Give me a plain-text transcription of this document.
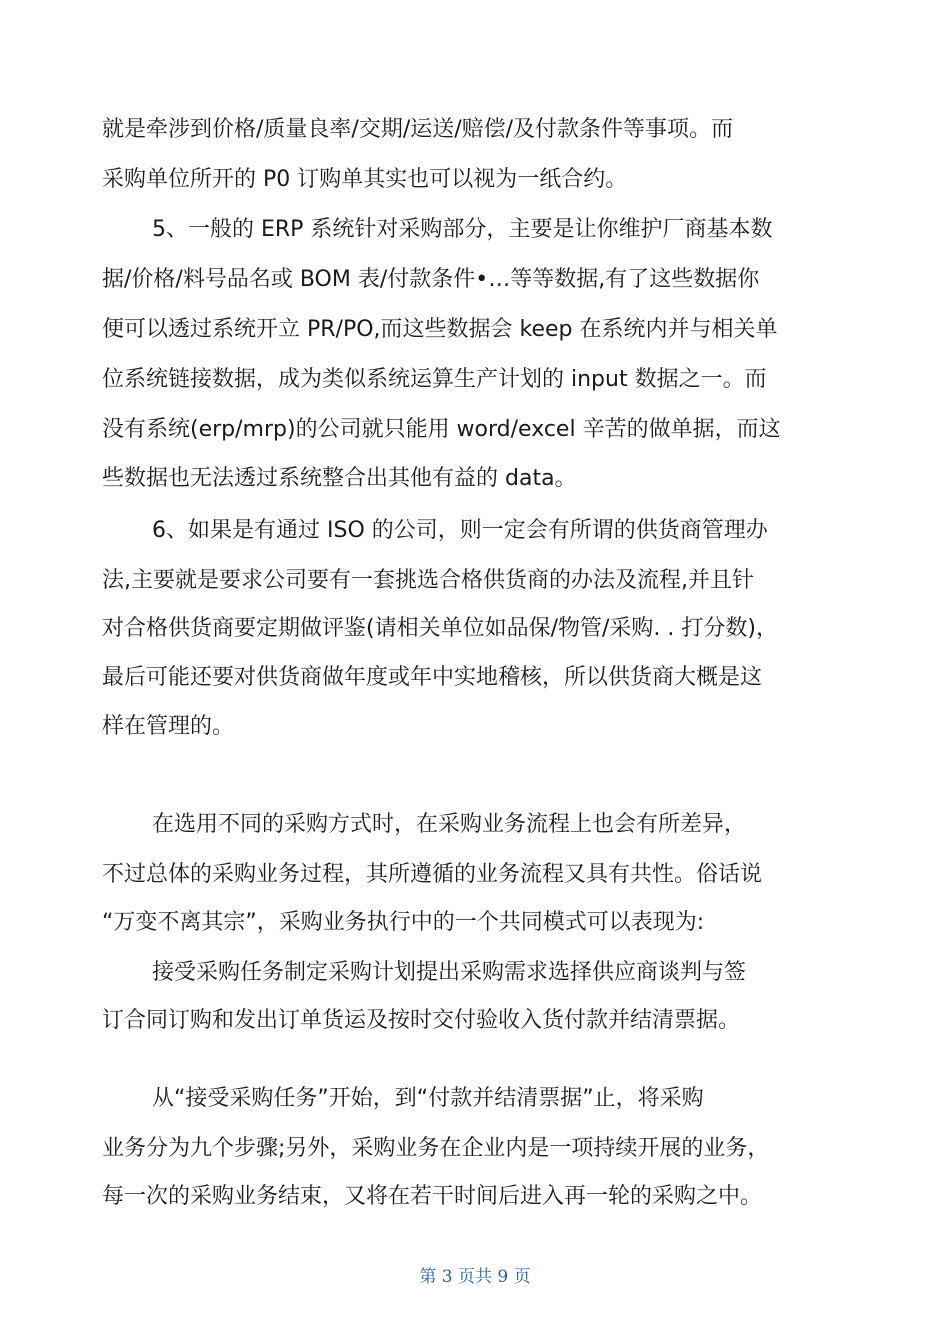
就是牵涉到价格/质量良率/交期/运送/赔偿/及付款条件等事项。而
采购单位所开的 P0 订购单其实也可以视为一纸合约。
5、一般的 ERP 系统针对采购部分，主要是让你维护厂商基本数
据/价格/料号品名或 BOM 表/付款条件•…等等数据,有了这些数据你
便可以透过系统开立 PR/PO,而这些数据会 keep 在系统内并与相关单
位系统链接数据，成为类似系统运算生产计划的 input 数据之一。而
没有系统(erp/mrp)的公司就只能用 word/excel 辛苦的做单据，而这
些数据也无法透过系统整合出其他有益的 data。
6、如果是有通过 ISO 的公司，则一定会有所谓的供货商管理办
法,主要就是要求公司要有一套挑选合格供货商的办法及流程,并且针
对合格供货商要定期做评鉴(请相关单位如品保/物管/采购. . 打分数)，
最后可能还要对供货商做年度或年中实地稽核，所以供货商大概是这
样在管理的。
在选用不同的采购方式时，在采购业务流程上也会有所差异，
不过总体的采购业务过程，其所遵循的业务流程又具有共性。俗话说
“万变不离其宗”，采购业务执行中的一个共同模式可以表现为:
接受采购任务制定采购计划提出采购需求选择供应商谈判与签
订合同订购和发出订单货运及按时交付验收入货付款并结清票据。
从“接受采购任务”开始，到“付款并结清票据”止，将采购
业务分为九个步骤;另外，采购业务在企业内是一项持续开展的业务，
每一次的采购业务结束，又将在若干时间后进入再一轮的采购之中。
第 3 页共 9 页
